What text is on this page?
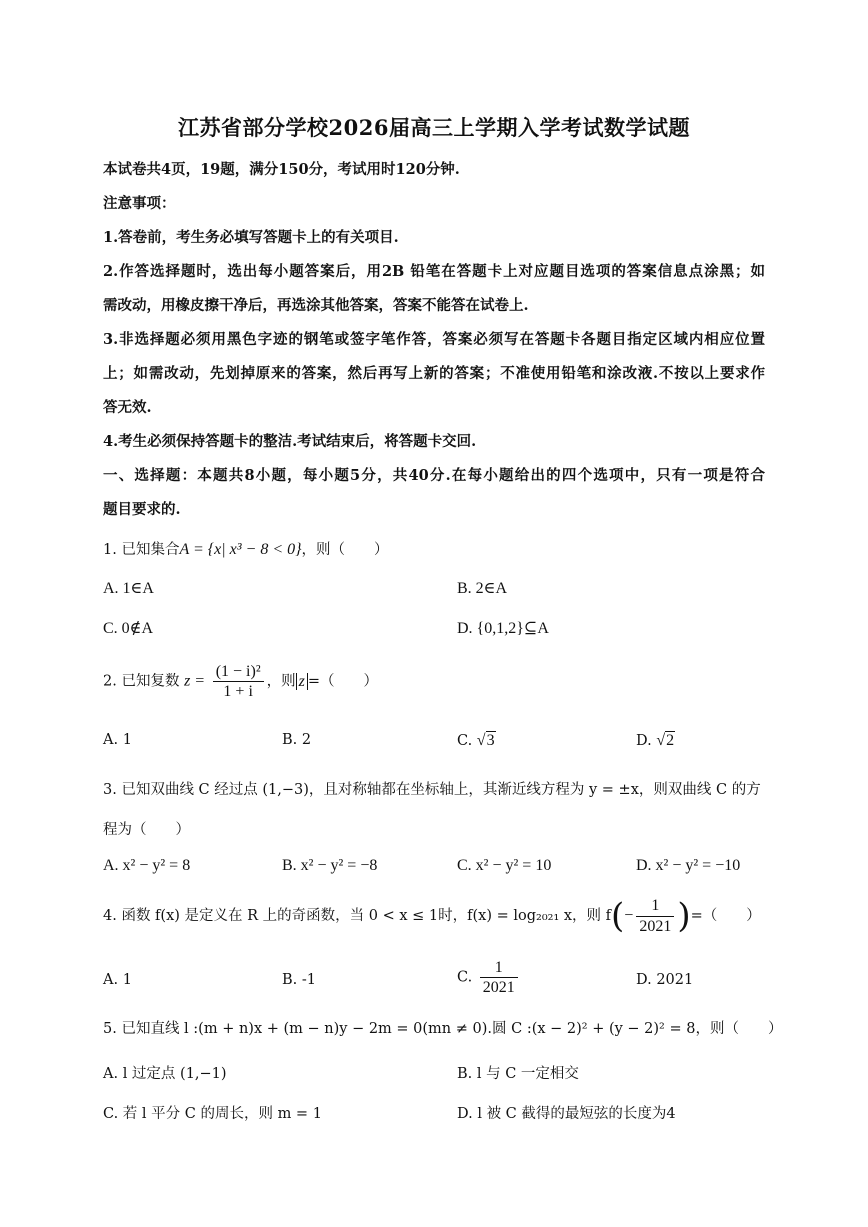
江苏省部分学校2026届高三上学期入学考试数学试题
本试卷共4页，19题，满分150分，考试用时120分钟.
注意事项：
1.答卷前，考生务必填写答题卡上的有关项目.
2.作答选择题时，选出每小题答案后，用2B 铅笔在答题卡上对应题目选项的答案信息点涂黑；如
需改动，用橡皮擦干净后，再选涂其他答案，答案不能答在试卷上.
3.非选择题必须用黑色字迹的钢笔或签字笔作答，答案必须写在答题卡各题目指定区域内相应位置
上；如需改动，先划掉原来的答案，然后再写上新的答案；不准使用铅笔和涂改液.不按以上要求作
答无效.
4.考生必须保持答题卡的整洁.考试结束后，将答题卡交回.
一、选择题：本题共8小题，每小题5分，共40分.在每小题给出的四个选项中，只有一项是符合
题目要求的.
1. 已知集合A = {x| x³ − 8 < 0}，则（　　）
A. 1∈A	B. 2∈A
C. 0∉A	D. {0,1,2}⊆A
2. 已知复数 $z = \frac{\text{(1 − i)²}}{1 + i}$ ，则 z =（　　）
A. 1	B. 2	C. √3	D. √2
3. 已知双曲线 C 经过点 (1,−3)，且对称轴都在坐标轴上，其渐近线方程为 y = ±x，则双曲线 C 的方
程为（　　）
A. x² − y² = 8	B. x² − y² = −8	C. x² − y² = 10	D. x² − y² = −10
4. 函数 f(x) 是定义在 R 上的奇函数，当 0 < x ≤ 1时，f(x) = log₂₀₂₁ x，则 $f(- \frac{1}{2021}$ )=（　　）
A. 1	B. -1	C. $\frac{1}{2021}$	D. 2021
5. 已知直线 l :(m + n)x + (m − n)y − 2m = 0(mn ≠ 0).圆 C :(x − 2)² + (y − 2)² = 8，则（　　）
A. l 过定点 (1,−1)	B. l 与 C 一定相交
C. 若 l 平分 C 的周长，则 m = 1	D. l 被 C 截得的最短弦的长度为4
